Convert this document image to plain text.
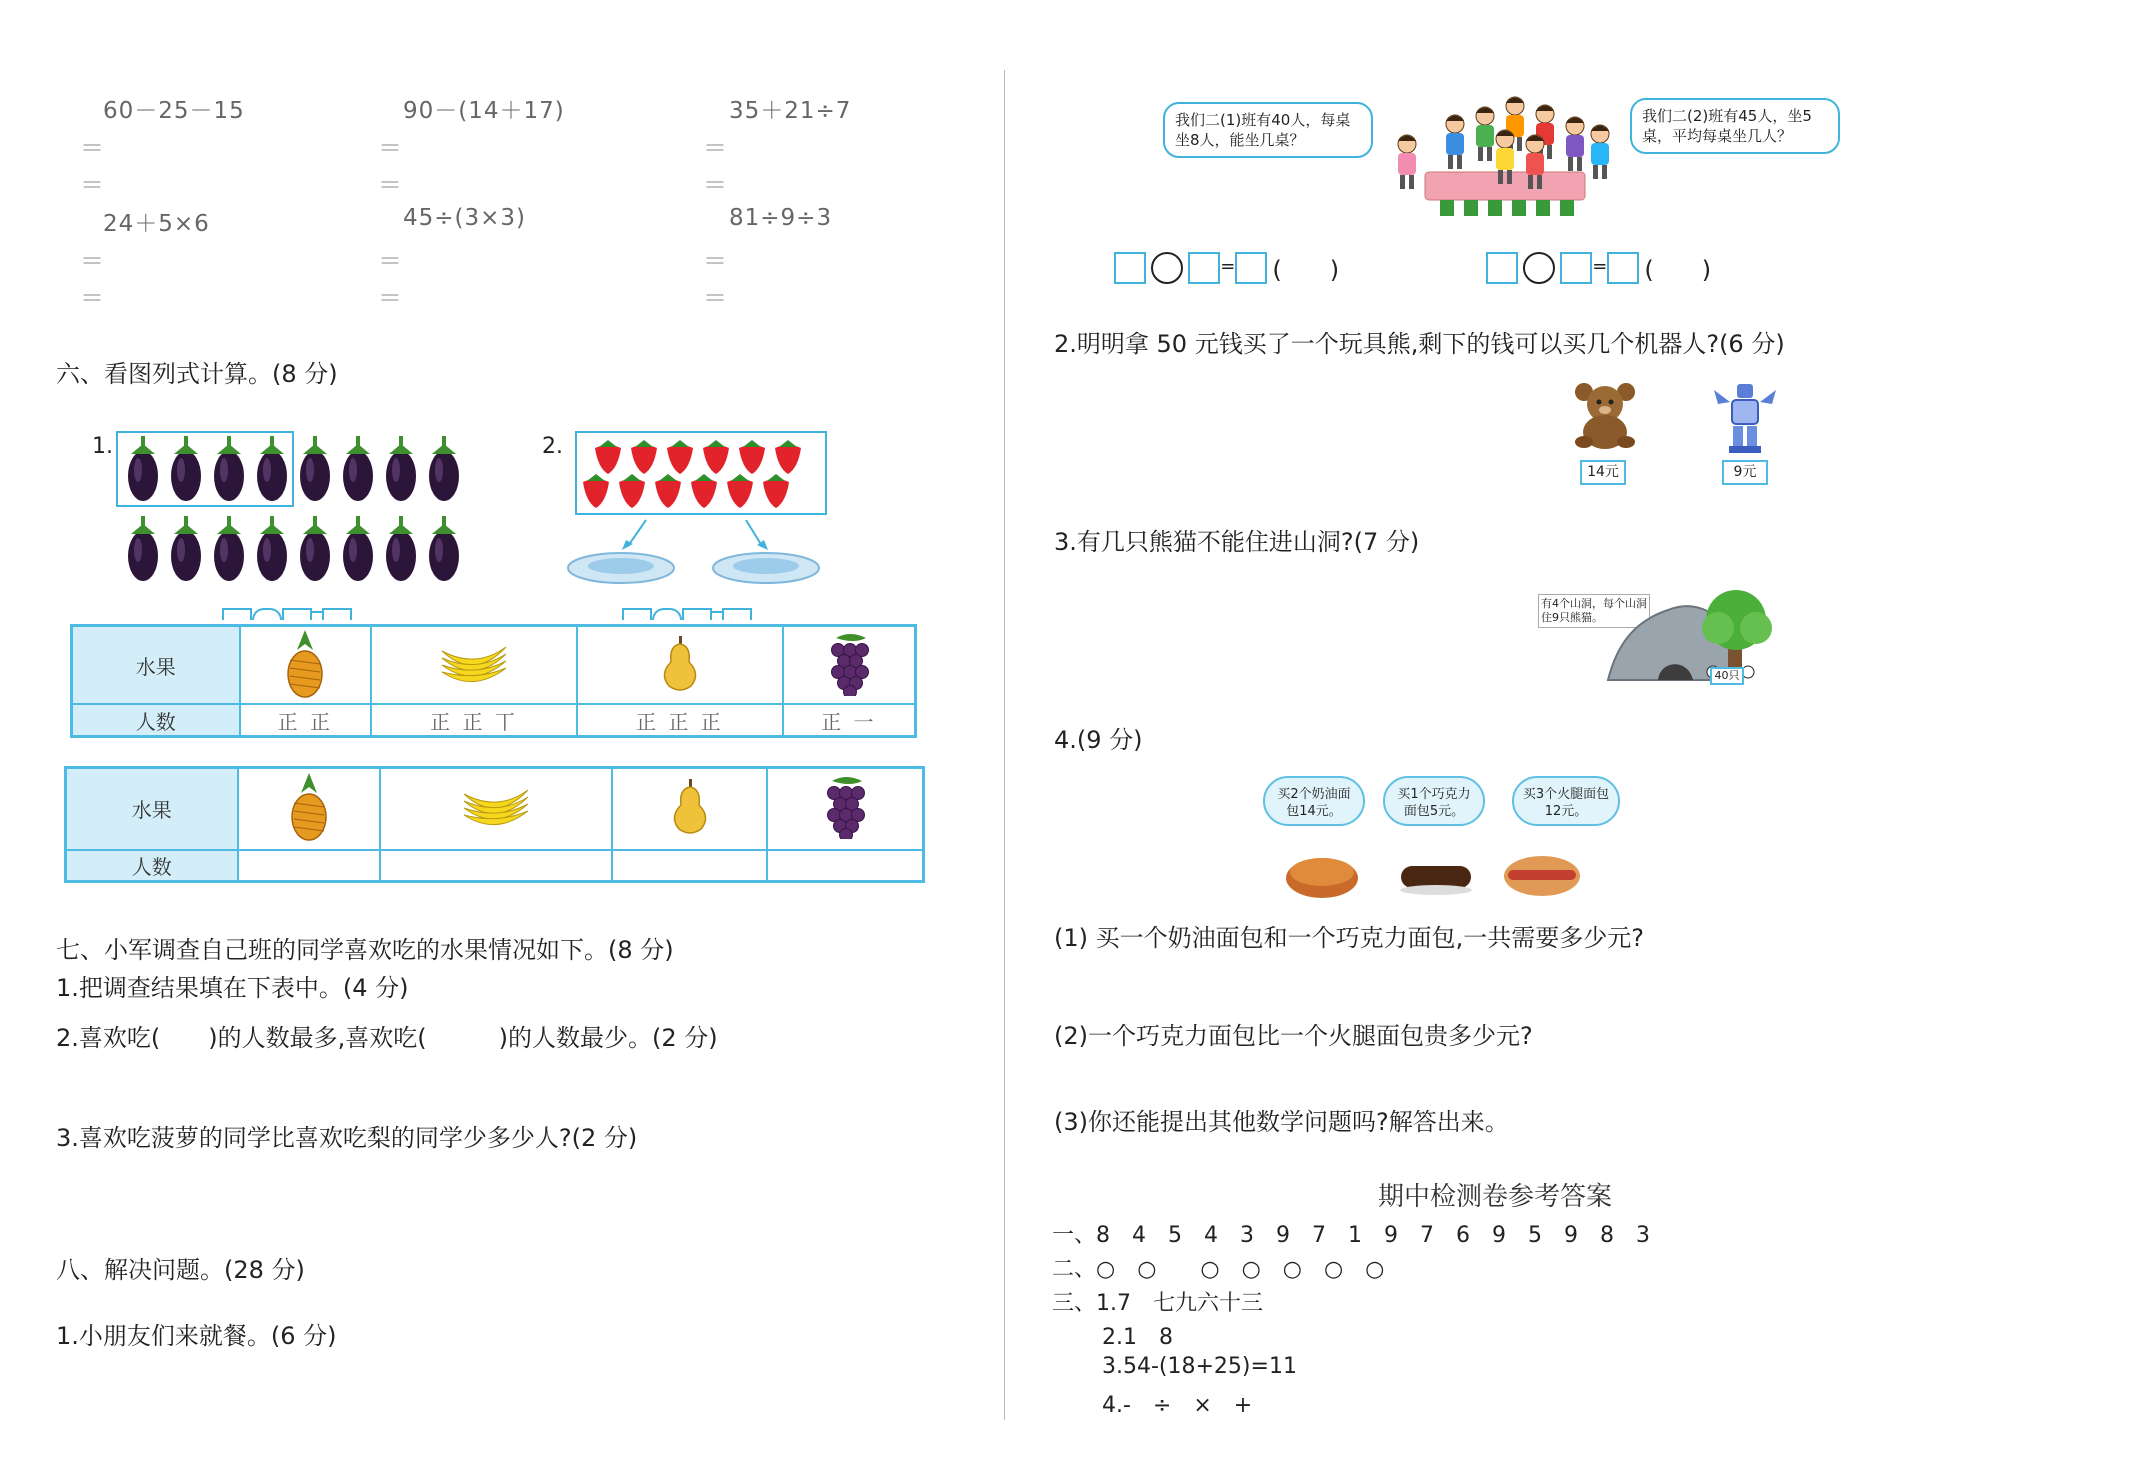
60－25－15	90－(14＋17)	35＋21÷7
＝
＝
＝
＝
＝
＝
24＋5×6	45÷(3×3)	81÷9÷3
＝
＝
＝
＝
＝
＝
六、看图列式计算。(8 分)
1.	2.
水果				
人数	正 正	正 正 丅	正 正 正	正 一
水果				
人数				
七、小军调查自己班的同学喜欢吃的水果情况如下。(8 分)
1.把调查结果填在下表中。(4 分)
2.喜欢吃(　　)的人数最多,喜欢吃(　　　)的人数最少。(2 分)
3.喜欢吃菠萝的同学比喜欢吃梨的同学少多少人?(2 分)
八、解决问题。(28 分)
1.小朋友们来就餐。(6 分)
我们二(1)班有40人，每桌坐8人，能坐几桌？
我们二(2)班有45人，坐5桌，平均每桌坐几人？
= (　　)	= (　　)
2.明明拿 50 元钱买了一个玩具熊,剩下的钱可以买几个机器人?(6 分)
14元	9元
3.有几只熊猫不能住进山洞?(7 分)
有4个山洞，每个山洞住9只熊猫。
40只
4.(9 分)
买2个奶油面包14元。
买1个巧克力面包5元。
买3个火腿面包12元。
(1) 买一个奶油面包和一个巧克力面包,一共需要多少元?
(2)一个巧克力面包比一个火腿面包贵多少元?
(3)你还能提出其他数学问题吗?解答出来。
期中检测卷参考答案
一、8　4　5　4　3　9　7　1　9　7　6　9　5　9　8　3
二、○　○　　○　○　○　○　○
三、1.7　七九六十三
2.1　8
3.54-(18+25)=11
4.-　÷　×　+
